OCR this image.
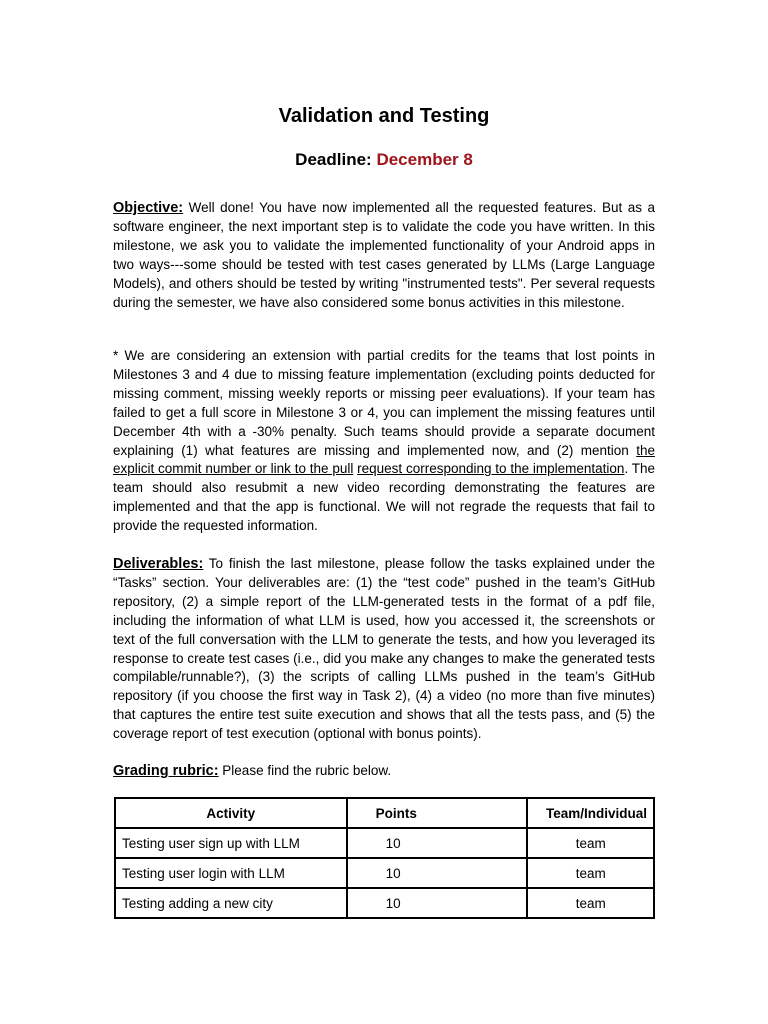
Validation and Testing
Deadline: December 8
Objective: Well done! You have now implemented all the requested features. But as a software engineer, the next important step is to validate the code you have written. In this milestone, we ask you to validate the implemented functionality of your Android apps in two ways---some should be tested with test cases generated by LLMs (Large Language Models), and others should be tested by writing "instrumented tests". Per several requests during the semester, we have also considered some bonus activities in this milestone.
* We are considering an extension with partial credits for the teams that lost points in Milestones 3 and 4 due to missing feature implementation (excluding points deducted for missing comment, missing weekly reports or missing peer evaluations). If your team has failed to get a full score in Milestone 3 or 4, you can implement the missing features until December 4th with a -30% penalty. Such teams should provide a separate document explaining (1) what features are missing and implemented now, and (2) mention the explicit commit number or link to the pull request corresponding to the implementation. The team should also resubmit a new video recording demonstrating the features are implemented and that the app is functional. We will not regrade the requests that fail to provide the requested information.
Deliverables: To finish the last milestone, please follow the tasks explained under the “Tasks” section. Your deliverables are: (1) the “test code” pushed in the team’s GitHub repository, (2) a simple report of the LLM-generated tests in the format of a pdf file, including the information of what LLM is used, how you accessed it, the screenshots or text of the full conversation with the LLM to generate the tests, and how you leveraged its response to create test cases (i.e., did you make any changes to make the generated tests compilable/runnable?), (3) the scripts of calling LLMs pushed in the team’s GitHub repository (if you choose the first way in Task 2), (4) a video (no more than five minutes) that captures the entire test suite execution and shows that all the tests pass, and (5) the coverage report of test execution (optional with bonus points).
Grading rubric: Please find the rubric below.
Activity	Points	Team/Individual
Testing user sign up with LLM	10	team
Testing user login with LLM	10	team
Testing adding a new city	10	team
